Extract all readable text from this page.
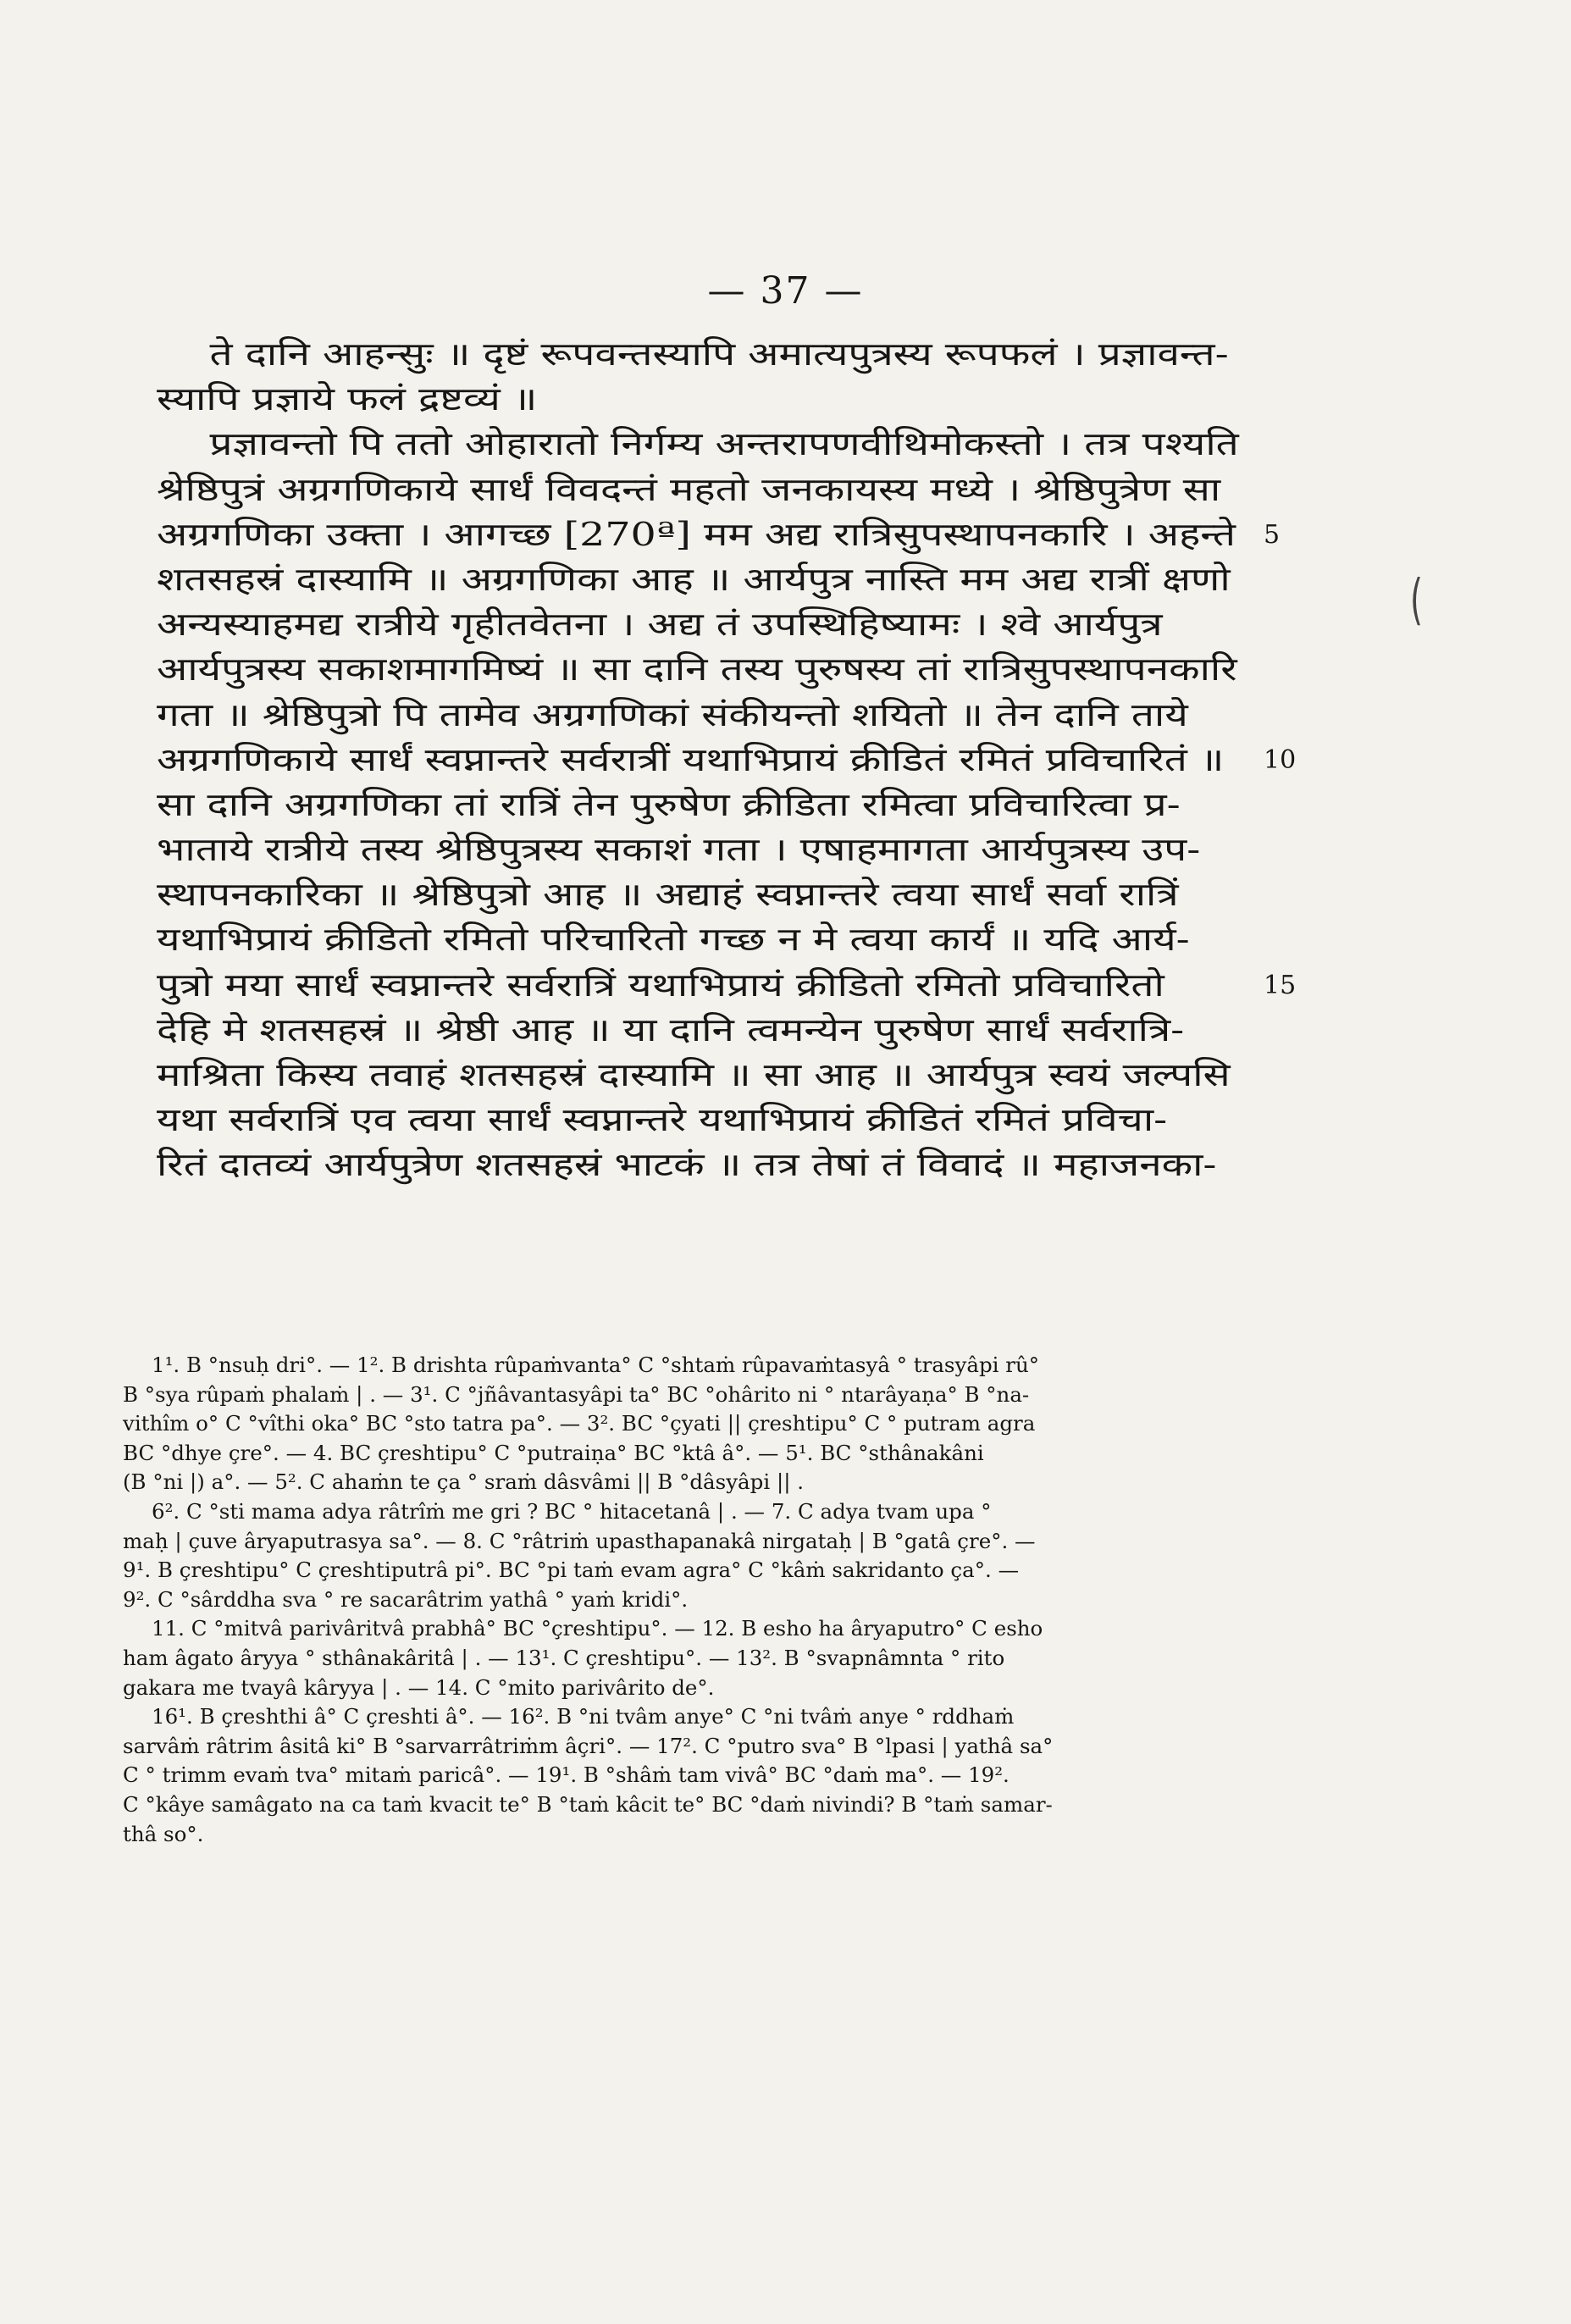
— 37 —
ते दानि आहन्सुः ॥ दृष्टं रूपवन्तस्यापि अमात्यपुत्रस्य रूपफलं । प्रज्ञावन्त-
स्यापि प्रज्ञाये फलं द्रष्टव्यं ॥
प्रज्ञावन्तो पि ततो ओहारातो निर्गम्य अन्तरापणवीथिमोकस्तो । तत्र पश्यति
श्रेष्ठिपुत्रं अग्रगणिकाये सार्धं विवदन्तं महतो जनकायस्य मध्ये । श्रेष्ठिपुत्रेण सा
अग्रगणिका उक्ता । आगच्छ [270ª] मम अद्य रात्रिसुपस्थापनकारि । अहन्ते 5
शतसहस्रं दास्यामि ॥ अग्रगणिका आह ॥ आर्यपुत्र नास्ति मम अद्य रात्रीं क्षणो
अन्यस्याहमद्य रात्रीये गृहीतवेतना । अद्य तं उपस्थिहिष्यामः । श्वे आर्यपुत्र
आर्यपुत्रस्य सकाशमागमिष्यं ॥ सा दानि तस्य पुरुषस्य तां रात्रिसुपस्थापनकारि
गता ॥ श्रेष्ठिपुत्रो पि तामेव अग्रगणिकां संकीयन्तो शयितो ॥ तेन दानि ताये
अग्रगणिकाये सार्धं स्वप्नान्तरे सर्वरात्रीं यथाभिप्रायं क्रीडितं रमितं प्रविचारितं ॥ 10
सा दानि अग्रगणिका तां रात्रिं तेन पुरुषेण क्रीडिता रमित्वा प्रविचारित्वा प्र-
भाताये रात्रीये तस्य श्रेष्ठिपुत्रस्य सकाशं गता । एषाहमागता आर्यपुत्रस्य उप-
स्थापनकारिका ॥ श्रेष्ठिपुत्रो आह ॥ अद्याहं स्वप्नान्तरे त्वया सार्धं सर्वा रात्रिं
यथाभिप्रायं क्रीडितो रमितो परिचारितो गच्छ न मे त्वया कार्यं ॥ यदि आर्य-
पुत्रो मया सार्धं स्वप्नान्तरे सर्वरात्रिं यथाभिप्रायं क्रीडितो रमितो प्रविचारितो	15
देहि मे शतसहस्रं ॥ श्रेष्ठी आह ॥ या दानि त्वमन्येन पुरुषेण सार्धं सर्वरात्रि-
माश्रिता किस्य तवाहं शतसहस्रं दास्यामि ॥ सा आह ॥ आर्यपुत्र स्वयं जल्पसि
यथा सर्वरात्रिं एव त्वया सार्धं स्वप्नान्तरे यथाभिप्रायं क्रीडितं रमितं प्रविचा-
रितं दातव्यं आर्यपुत्रेण शतसहस्रं भाटकं ॥ तत्र तेषां तं विवादं ॥ महाजनका-
(
1¹. B °nsuḥ dri°. — 1². B drishta rûpaṁvanta° C °shtaṁ rûpavaṁtasyâ ° trasyâpi rû°
B °sya rûpaṁ phalaṁ | . — 3¹. C °jñâvantasyâpi ta° BC °ohârito ni ° ntarâyaṇa° B °na-
vithîm o° C °vîthi oka° BC °sto tatra pa°. — 3². BC °çyati || çreshtipu° C ° putram agra
BC °dhye çre°. — 4. BC çreshtipu° C °putraiṇa° BC °ktâ â°. — 5¹. BC °sthânakâni
(B °ni |) a°. — 5². C ahaṁn te ça ° sraṁ dâsvâmi || B °dâsyâpi || .
6². C °sti mama adya râtrîṁ me gri ? BC ° hitacetanâ | . — 7. C adya tvam upa °
maḥ | çuve âryaputrasya sa°. — 8. C °râtriṁ upasthapanakâ nirgataḥ | B °gatâ çre°. —
9¹. B çreshtipu° C çreshtiputrâ pi°. BC °pi taṁ evam agra° C °kâṁ sakridanto ça°. —
9². C °sârddha sva ° re sacarâtrim yathâ ° yaṁ kridi°.
11. C °mitvâ parivâritvâ prabhâ° BC °çreshtipu°. — 12. B esho ha âryaputro° C esho
ham âgato âryya ° sthânakâritâ | . — 13¹. C çreshtipu°. — 13². B °svapnâmnta ° rito
gakara me tvayâ kâryya | . — 14. C °mito parivârito de°.
16¹. B çreshthi â° C çreshti â°. — 16². B °ni tvâm anye° C °ni tvâṁ anye ° rddhaṁ
sarvâṁ râtrim âsitâ ki° B °sarvarrâtriṁm âçri°. — 17². C °putro sva° B °lpasi | yathâ sa°
C ° trimm evaṁ tva° mitaṁ paricâ°. — 19¹. B °shâṁ tam vivâ° BC °daṁ ma°. — 19².
C °kâye samâgato na ca taṁ kvacit te° B °taṁ kâcit te° BC °daṁ nivindi? B °taṁ samar-
thâ so°.
